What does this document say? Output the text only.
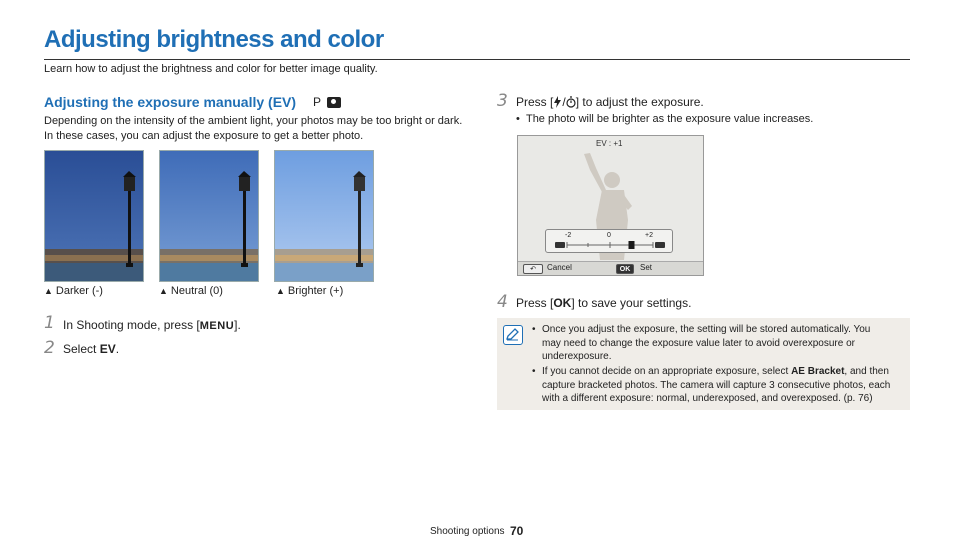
Adjusting brightness and color
Learn how to adjust the brightness and color for better image quality.
Adjusting the exposure manually (EV) P
Depending on the intensity of the ambient light, your photos may be too bright or dark. In these cases, you can adjust the exposure to get a better photo.
▲ Darker (-)	▲ Neutral (0)	▲ Brighter (+)
1 In Shooting mode, press [MENU].
2 Select EV.
3 Press [ / ] to adjust the exposure.
•  The photo will be brighter as the exposure value increases.
EV : +1
-2	0	+2
↶	Cancel	OK	Set
4 Press [OK] to save your settings.
• Once you adjust the exposure, the setting will be stored automatically. You may need to change the exposure value later to avoid overexposure or underexposure.
• If you cannot decide on an appropriate exposure, select AE Bracket, and then capture bracketed photos. The camera will capture 3 consecutive photos, each with a different exposure: normal, underexposed, and overexposed. (p. 76)
Shooting options 70
